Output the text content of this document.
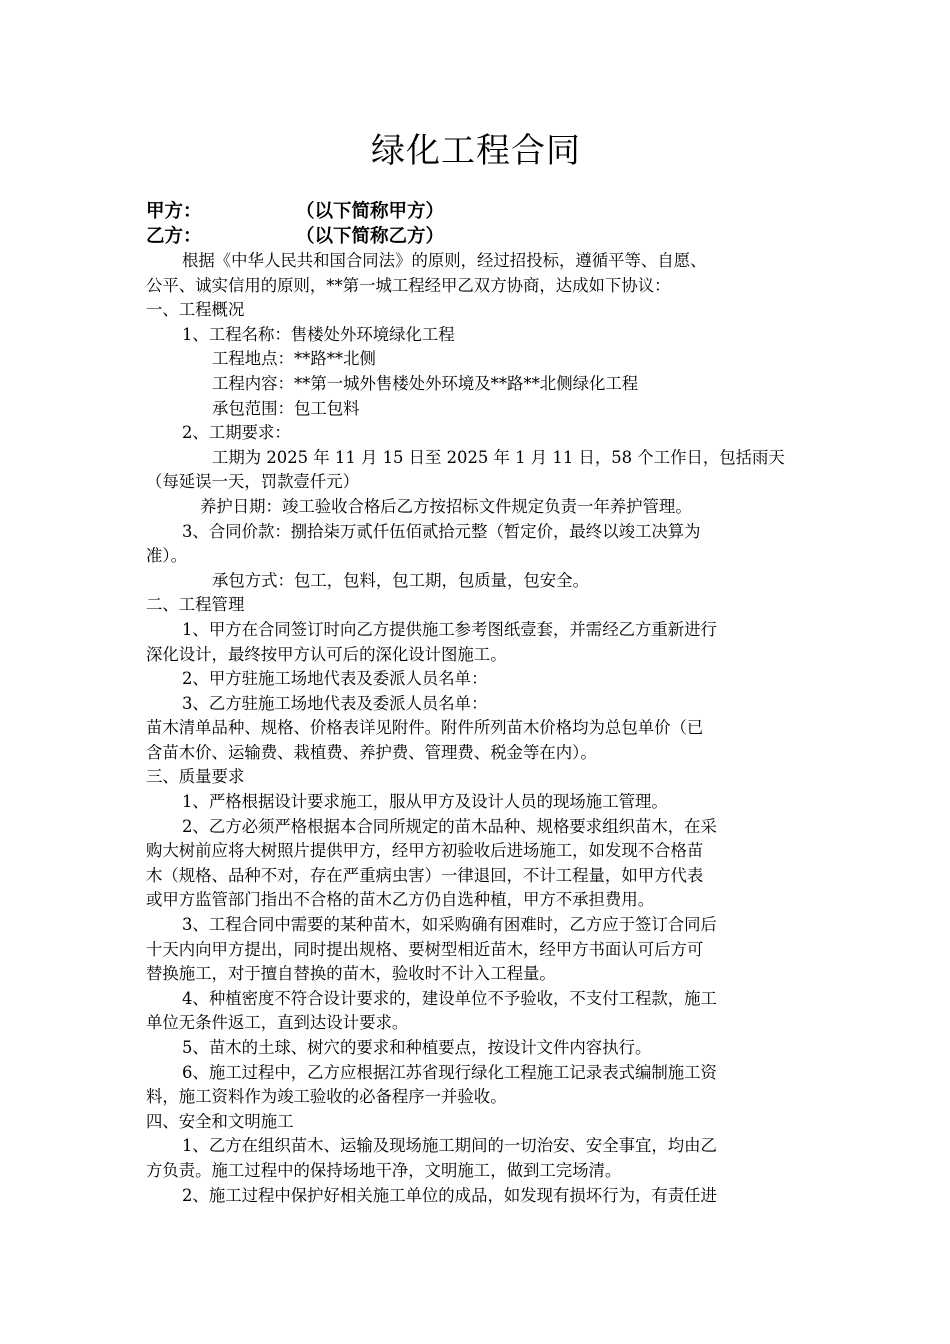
绿化工程合同
甲方：	（以下简称甲方）
乙方：	（以下简称乙方）
根据《中华人民共和国合同法》的原则，经过招投标，遵循平等、自愿、
公平、诚实信用的原则，**第一城工程经甲乙双方协商，达成如下协议：
一、工程概况
1、工程名称：售楼处外环境绿化工程
工程地点：**路**北侧
工程内容：**第一城外售楼处外环境及**路**北侧绿化工程
承包范围：包工包料
2、工期要求：
工期为 2025 年 11 月 15 日至 2025 年 1 月 11 日，58 个工作日，包括雨天
（每延误一天，罚款壹仟元）
养护日期：竣工验收合格后乙方按招标文件规定负责一年养护管理。
3、合同价款：捌拾柒万贰仟伍佰贰拾元整（暂定价，最终以竣工决算为
准）。
承包方式：包工，包料，包工期，包质量，包安全。
二、工程管理
1、甲方在合同签订时向乙方提供施工参考图纸壹套，并需经乙方重新进行
深化设计，最终按甲方认可后的深化设计图施工。
2、甲方驻施工场地代表及委派人员名单：
3、乙方驻施工场地代表及委派人员名单：
苗木清单品种、规格、价格表详见附件。附件所列苗木价格均为总包单价（已
含苗木价、运输费、栽植费、养护费、管理费、税金等在内）。
三、质量要求
1、严格根据设计要求施工，服从甲方及设计人员的现场施工管理。
2、乙方必须严格根据本合同所规定的苗木品种、规格要求组织苗木，在采
购大树前应将大树照片提供甲方，经甲方初验收后进场施工，如发现不合格苗
木（规格、品种不对，存在严重病虫害）一律退回，不计工程量，如甲方代表
或甲方监管部门指出不合格的苗木乙方仍自选种植，甲方不承担费用。
3、工程合同中需要的某种苗木，如采购确有困难时，乙方应于签订合同后
十天内向甲方提出，同时提出规格、要树型相近苗木，经甲方书面认可后方可
替换施工，对于擅自替换的苗木，验收时不计入工程量。
4、种植密度不符合设计要求的，建设单位不予验收，不支付工程款，施工
单位无条件返工，直到达设计要求。
5、苗木的土球、树穴的要求和种植要点，按设计文件内容执行。
6、施工过程中，乙方应根据江苏省现行绿化工程施工记录表式编制施工资
料，施工资料作为竣工验收的必备程序一并验收。
四、安全和文明施工
1、乙方在组织苗木、运输及现场施工期间的一切治安、安全事宜，均由乙
方负责。施工过程中的保持场地干净，文明施工，做到工完场清。
2、施工过程中保护好相关施工单位的成品，如发现有损坏行为，有责任进
